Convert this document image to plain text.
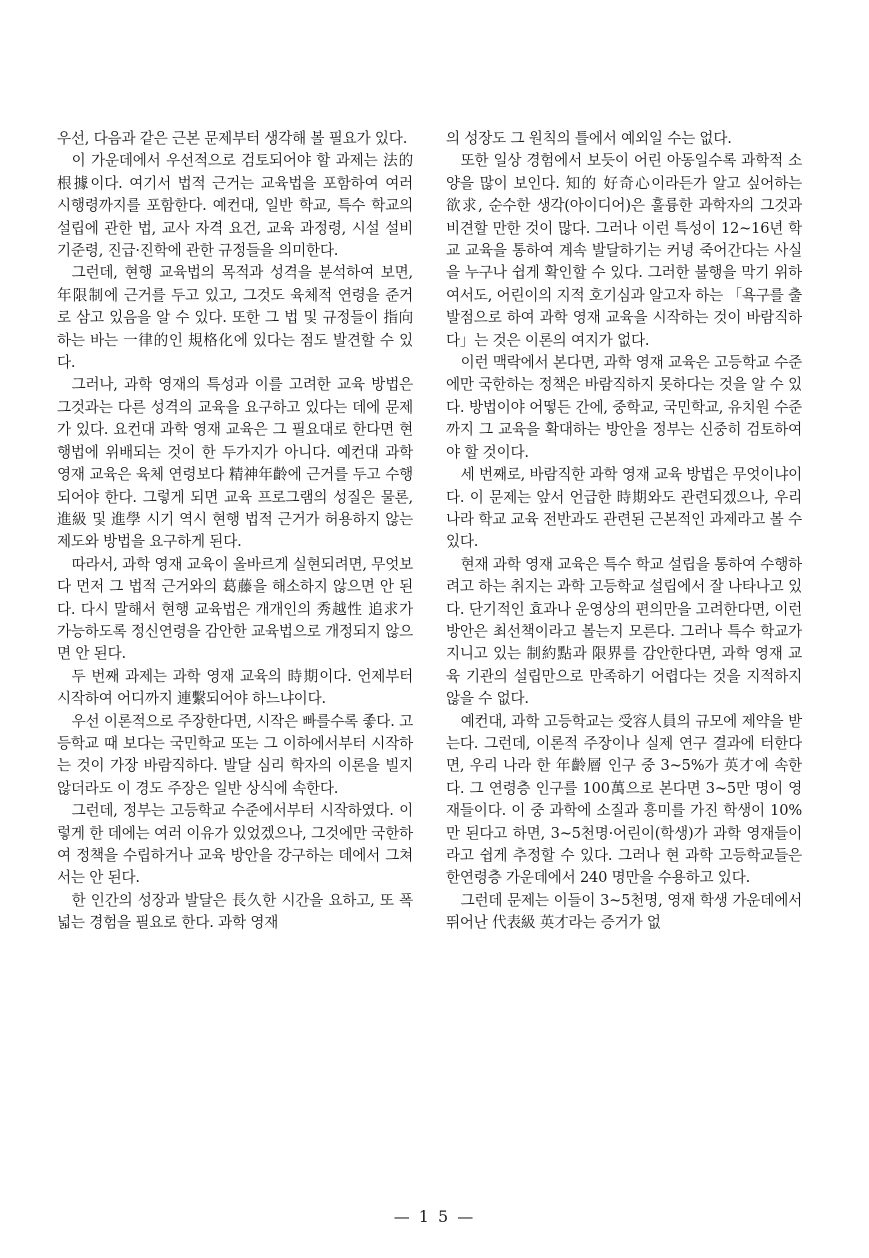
우선, 다음과 같은 근본 문제부터 생각해 볼 필요가 있다.

이 가운데에서 우선적으로 검토되어야 할 과제는 法的 根據이다. 여기서 법적 근거는 교육법을 포함하여 여러 시행령까지를 포함한다. 예컨대, 일반 학교, 특수 학교의 설립에 관한 법, 교사 자격 요건, 교육 과정령, 시설 설비 기준령, 진급·진학에 관한 규정들을 의미한다.

그런데, 현행 교육법의 목적과 성격을 분석하여 보면, 年限制에 근거를 두고 있고, 그것도 육체적 연령을 준거로 삼고 있음을 알 수 있다. 또한 그 법 및 규정들이 指向하는 바는 一律的인 規格化에 있다는 점도 발견할 수 있다.

그러나, 과학 영재의 특성과 이를 고려한 교육 방법은 그것과는 다른 성격의 교육을 요구하고 있다는 데에 문제가 있다. 요컨대 과학 영재 교육은 그 필요대로 한다면 현행법에 위배되는 것이 한 두가지가 아니다. 예컨대 과학 영재 교육은 육체 연령보다 精神年齡에 근거를 두고 수행되어야 한다. 그렇게 되면 교육 프로그램의 성질은 물론, 進級 및 進學 시기 역시 현행 법적 근거가 허용하지 않는 제도와 방법을 요구하게 된다.

따라서, 과학 영재 교육이 올바르게 실현되려면, 무엇보다 먼저 그 법적 근거와의 葛藤을 해소하지 않으면 안 된다. 다시 말해서 현행 교육법은 개개인의 秀越性 追求가 가능하도록 정신연령을 감안한 교육법으로 개정되지 않으면 안 된다.

두 번째 과제는 과학 영재 교육의 時期이다. 언제부터 시작하여 어디까지 連繫되어야 하느냐이다.

우선 이론적으로 주장한다면, 시작은 빠를수록 좋다. 고등학교 때 보다는 국민학교 또는 그 이하에서부터 시작하는 것이 가장 바람직하다. 발달 심리 학자의 이론을 빌지 않더라도 이 경도 주장은 일반 상식에 속한다.

그런데, 정부는 고등학교 수준에서부터 시작하였다. 이렇게 한 데에는 여러 이유가 있었겠으나, 그것에만 국한하여 정책을 수립하거나 교육 방안을 강구하는 데에서 그쳐서는 안 된다.

한 인간의 성장과 발달은 長久한 시간을 요하고, 또 폭넓는 경험을 필요로 한다. 과학 영재

의 성장도 그 원칙의 틀에서 예외일 수는 없다.

또한 일상 경험에서 보듯이 어린 아동일수록 과학적 소양을 많이 보인다. 知的 好奇心이라든가 알고 싶어하는 欲求, 순수한 생각(아이디어)은 훌륭한 과학자의 그것과 비견할 만한 것이 많다. 그러나 이런 특성이 12~16년 학교 교육을 통하여 계속 발달하기는 커녕 죽어간다는 사실을 누구나 쉽게 확인할 수 있다. 그러한 불행을 막기 위하여서도, 어린이의 지적 호기심과 알고자 하는 「욕구를 출발점으로 하여 과학 영재 교육을 시작하는 것이 바람직하다」는 것은 이론의 여지가 없다.

이런 맥락에서 본다면, 과학 영재 교육은 고등학교 수준에만 국한하는 정책은 바람직하지 못하다는 것을 알 수 있다. 방법이야 어떻든 간에, 중학교, 국민학교, 유치원 수준까지 그 교육을 확대하는 방안을 정부는 신중히 검토하여야 할 것이다.

세 번째로, 바람직한 과학 영재 교육 방법은 무엇이냐이다. 이 문제는 앞서 언급한 時期와도 관련되겠으나, 우리나라 학교 교육 전반과도 관련된 근본적인 과제라고 볼 수 있다.

현재 과학 영재 교육은 특수 학교 설립을 통하여 수행하려고 하는 취지는 과학 고등학교 설립에서 잘 나타나고 있다. 단기적인 효과나 운영상의 편의만을 고려한다면, 이런 방안은 최선책이라고 볼는지 모른다. 그러나 특수 학교가 지니고 있는 制約點과 限界를 감안한다면, 과학 영재 교육 기관의 설립만으로 만족하기 어렵다는 것을 지적하지 않을 수 없다.

예컨대, 과학 고등학교는 受容人員의 규모에 제약을 받는다. 그런데, 이론적 주장이나 실제 연구 결과에 터한다면, 우리 나라 한 年齡層 인구 중 3~5%가 英才에 속한다. 그 연령층 인구를 100萬으로 본다면 3~5만 명이 영재들이다. 이 중 과학에 소질과 흥미를 가진 학생이 10% 만 된다고 하면, 3~5천명·어린이(학생)가 과학 영재들이라고 쉽게 추정할 수 있다. 그러나 현 과학 고등학교들은 한연령층 가운데에서 240 명만을 수용하고 있다.

그런데 문제는 이들이 3~5천명, 영재 학생 가운데에서 뛰어난 代表級 英才라는 증거가 없

— 1 5 —
